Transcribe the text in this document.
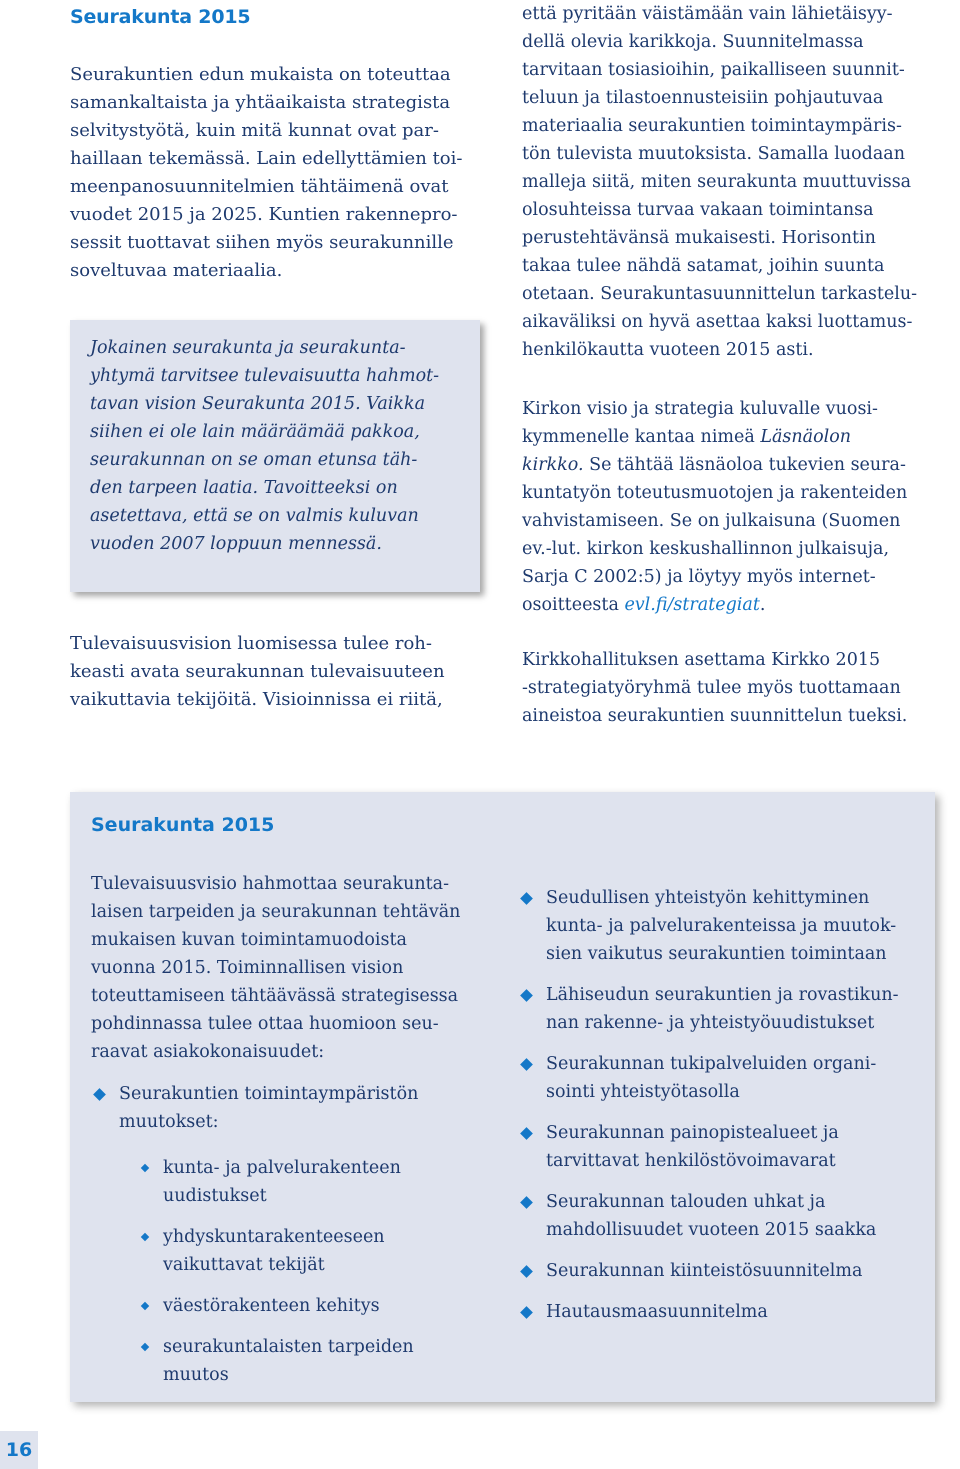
Seurakunta 2015
Seurakuntien edun mukaista on toteuttaa
samankaltaista ja yhtäaikaista strategista
selvitystyötä, kuin mitä kunnat ovat par-
haillaan tekemässä. Lain edellyttämien toi-
meenpanosuunnitelmien tähtäimenä ovat
vuodet 2015 ja 2025. Kuntien rakennepro-
sessit tuottavat siihen myös seurakunnille
soveltuvaa materiaalia.

Jokainen seurakunta ja seurakunta-

yhtymä tarvitsee tulevaisuutta hahmot-

tavan vision Seurakunta 2015. Vaikka

siihen ei ole lain määräämää pakkoa,

seurakunnan on se oman etunsa täh-

den tarpeen laatia. Tavoitteeksi on

asetettava, että se on valmis kuluvan

vuoden 2007 loppuun mennessä.

Tulevaisuusvision luomisessa tulee roh-
keasti avata seurakunnan tulevaisuuteen
vaikuttavia tekijöitä. Visioinnissa ei riitä,
että pyritään väistämään vain lähietäisyy-
dellä olevia karikkoja. Suunnitelmassa
tarvitaan tosiasioihin, paikalliseen suunnit-
teluun ja tilastoennusteisiin pohjautuvaa
materiaalia seurakuntien toimintaympäris-
tön tulevista muutoksista. Samalla luodaan
malleja siitä, miten seurakunta muuttuvissa
olosuhteissa turvaa vakaan toimintansa
perustehtävänsä mukaisesti. Horisontin
takaa tulee nähdä satamat, joihin suunta
otetaan. Seurakuntasuunnittelun tarkastelu-
aikaväliksi on hyvä asettaa kaksi luottamus-
henkilökautta vuoteen 2015 asti.
Kirkon visio ja strategia kuluvalle vuosi-
kymmenelle kantaa nimeä Läsnäolon
kirkko. Se tähtää läsnäoloa tukevien seura-
kuntatyön toteutusmuotojen ja rakenteiden
vahvistamiseen. Se on julkaisuna (Suomen
ev.-lut. kirkon keskushallinnon julkaisuja,
Sarja C 2002:5) ja löytyy myös internet-
osoitteesta evl.fi/strategiat.
Kirkkohallituksen asettama Kirkko 2015
-strategiatyöryhmä tulee myös tuottamaan
aineistoa seurakuntien suunnittelun tueksi.
Seurakunta 2015
Tulevaisuusvisio hahmottaa seurakunta-
laisen tarpeiden ja seurakunnan tehtävän
mukaisen kuvan toimintamuodoista
vuonna 2015. Toiminnallisen vision
toteuttamiseen tähtäävässä strategisessa
pohdinnassa tulee ottaa huomioon seu-
raavat asiakokonaisuudet:
Seurakuntien toimintaympäristön
muutokset:
kunta- ja palvelurakenteen
uudistukset
yhdyskuntarakenteeseen
vaikuttavat tekijät
väestörakenteen kehitys
seurakuntalaisten tarpeiden
muutos
Seudullisen yhteistyön kehittyminen
kunta- ja palvelurakenteissa ja muutok-
sien vaikutus seurakuntien toimintaan
Lähiseudun seurakuntien ja rovastikun-
nan rakenne- ja yhteistyöuudistukset
Seurakunnan tukipalveluiden organi-
sointi yhteistyötasolla
Seurakunnan painopistealueet ja
tarvittavat henkilöstövoimavarat
Seurakunnan talouden uhkat ja
mahdollisuudet vuoteen 2015 saakka
Seurakunnan kiinteistösuunnitelma
Hautausmaasuunnitelma
16
